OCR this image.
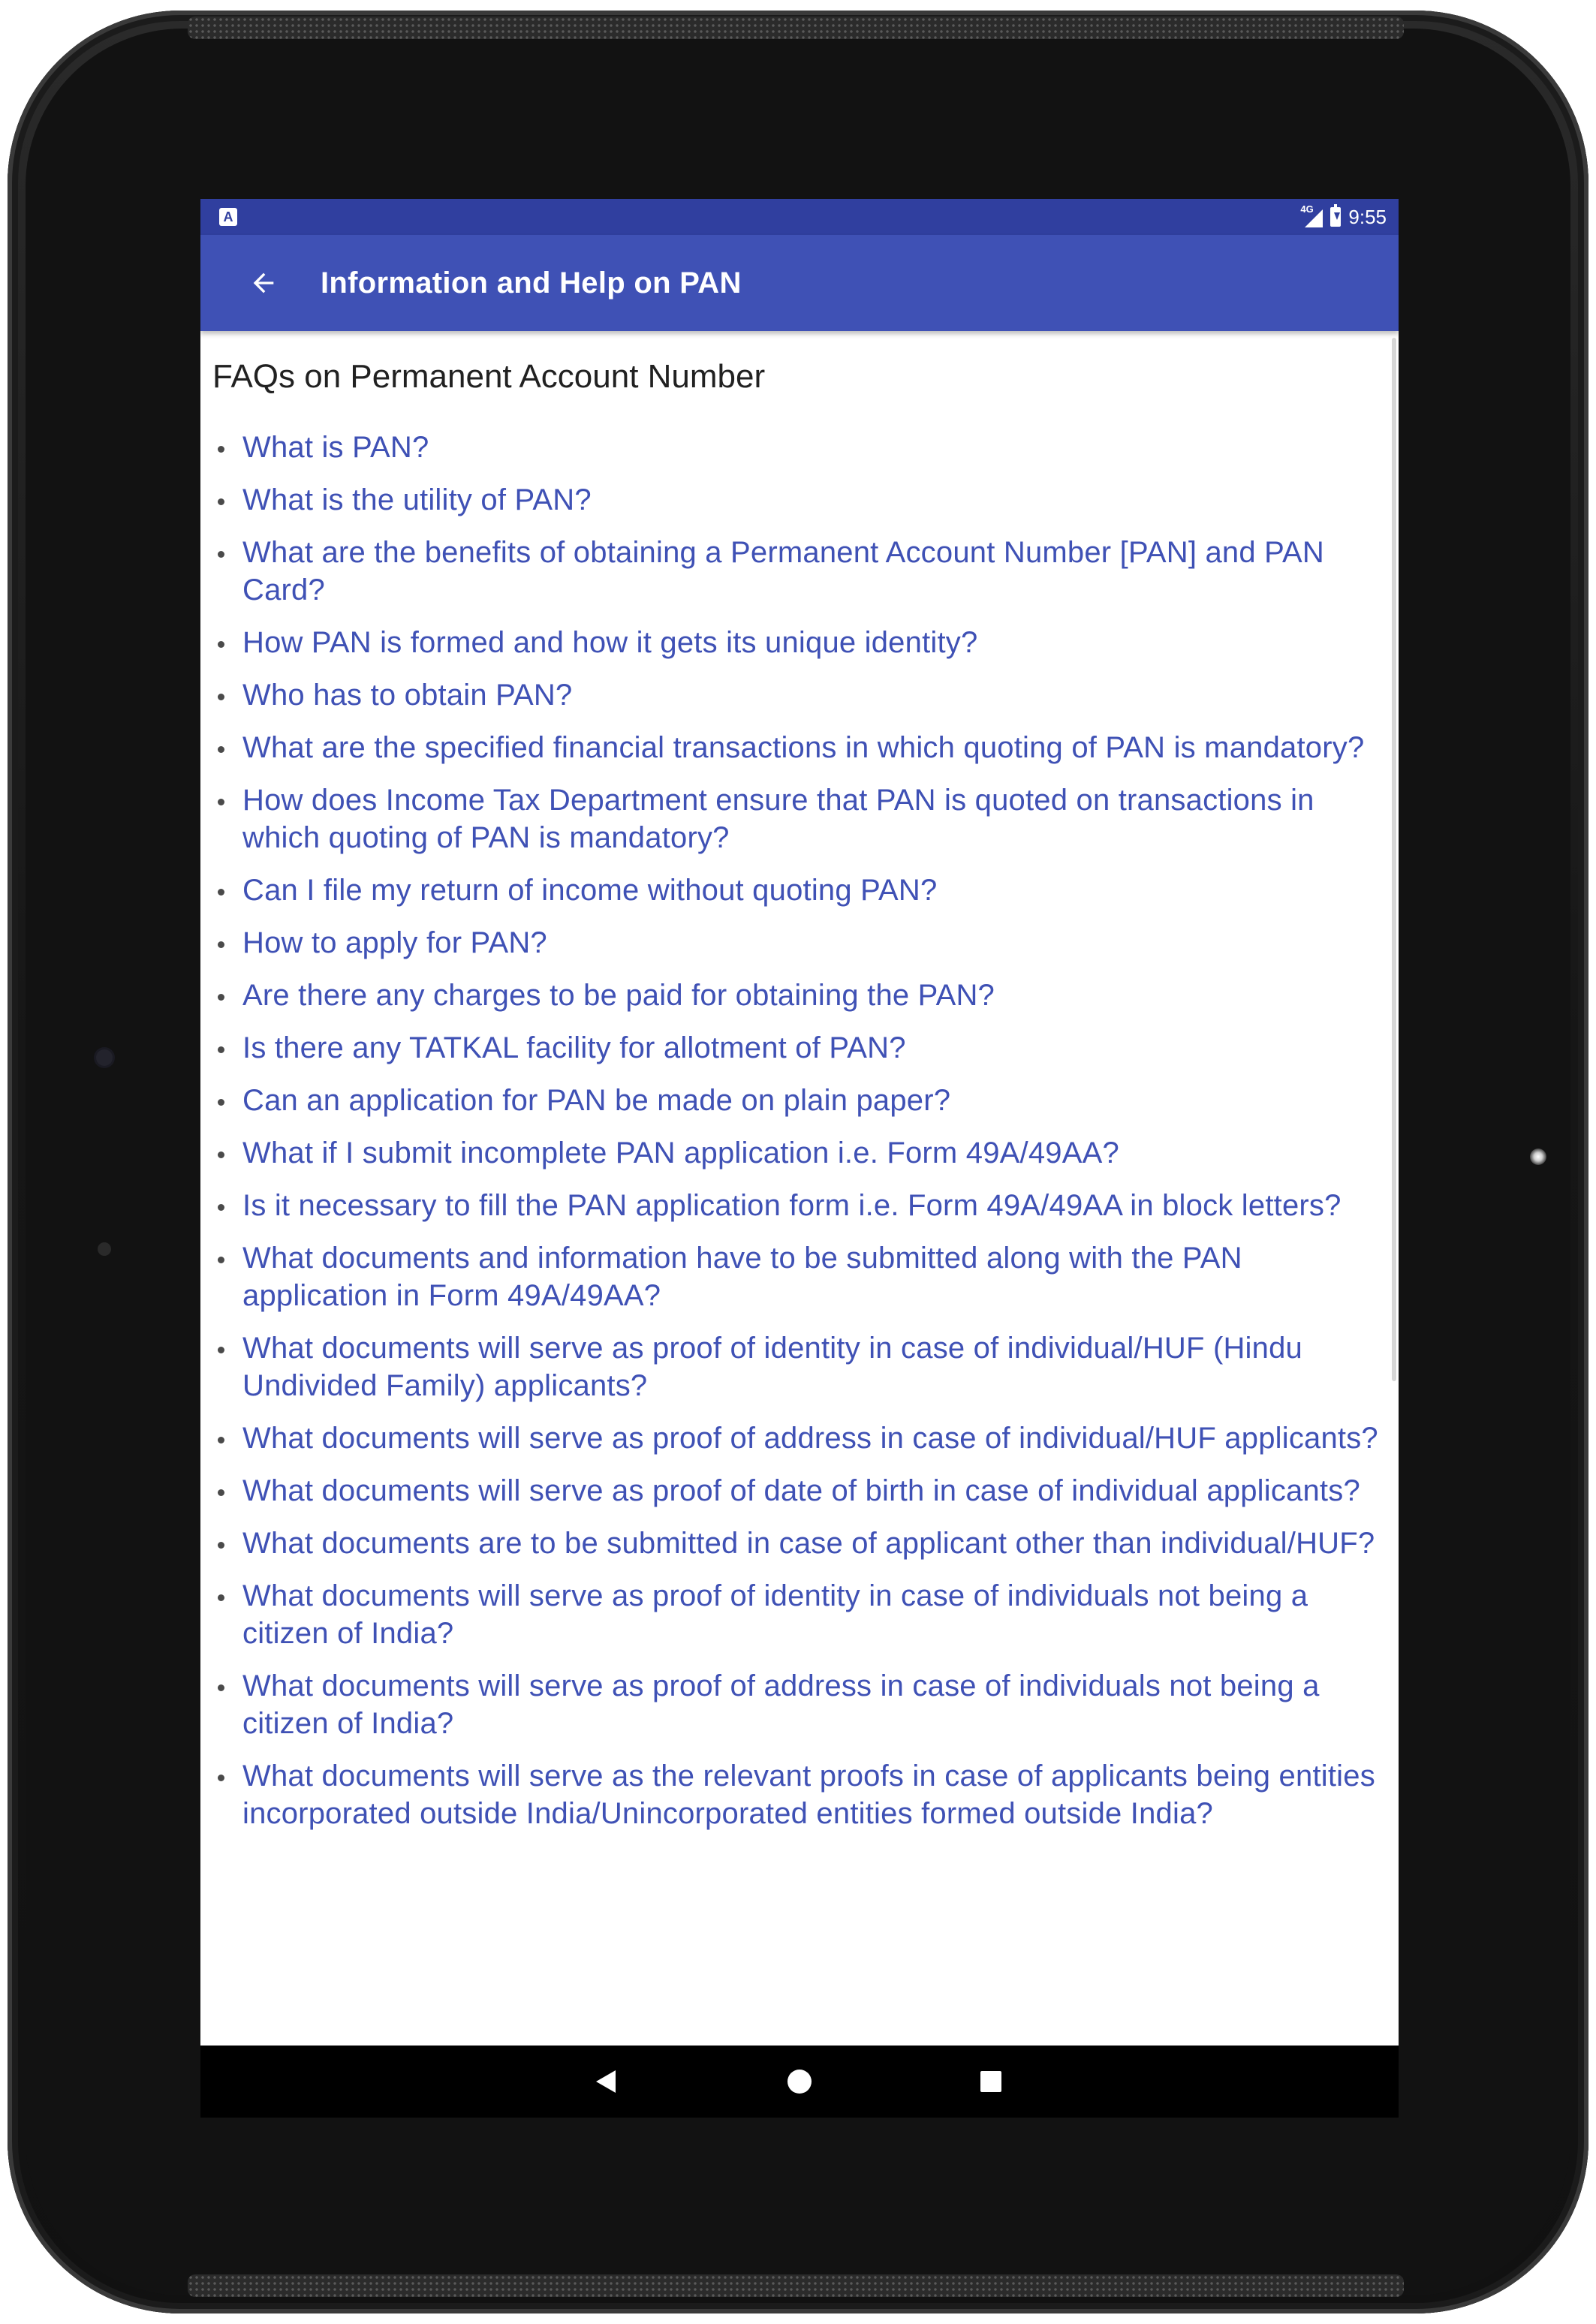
A
4G 9:55
Information and Help on PAN
FAQs on Permanent Account Number
What is PAN?
What is the utility of PAN?
What are the benefits of obtaining a Permanent Account Number [PAN] and PAN Card?
How PAN is formed and how it gets its unique identity?
Who has to obtain PAN?
What are the specified financial transactions in which quoting of PAN is mandatory?
How does Income Tax Department ensure that PAN is quoted on transactions in which quoting of PAN is mandatory?
Can I file my return of income without quoting PAN?
How to apply for PAN?
Are there any charges to be paid for obtaining the PAN?
Is there any TATKAL facility for allotment of PAN?
Can an application for PAN be made on plain paper?
What if I submit incomplete PAN application i.e. Form 49A/49AA?
Is it necessary to fill the PAN application form i.e. Form 49A/49AA in block letters?
What documents and information have to be submitted along with the PAN application in Form 49A/49AA?
What documents will serve as proof of identity in case of individual/HUF (Hindu Undivided Family) applicants?
What documents will serve as proof of address in case of individual/HUF applicants?
What documents will serve as proof of date of birth in case of individual applicants?
What documents are to be submitted in case of applicant other than individual/HUF?
What documents will serve as proof of identity in case of individuals not being a citizen of India?
What documents will serve as proof of address in case of individuals not being a citizen of India?
What documents will serve as the relevant proofs in case of applicants being entities incorporated outside India/Unincorporated entities formed outside India?
